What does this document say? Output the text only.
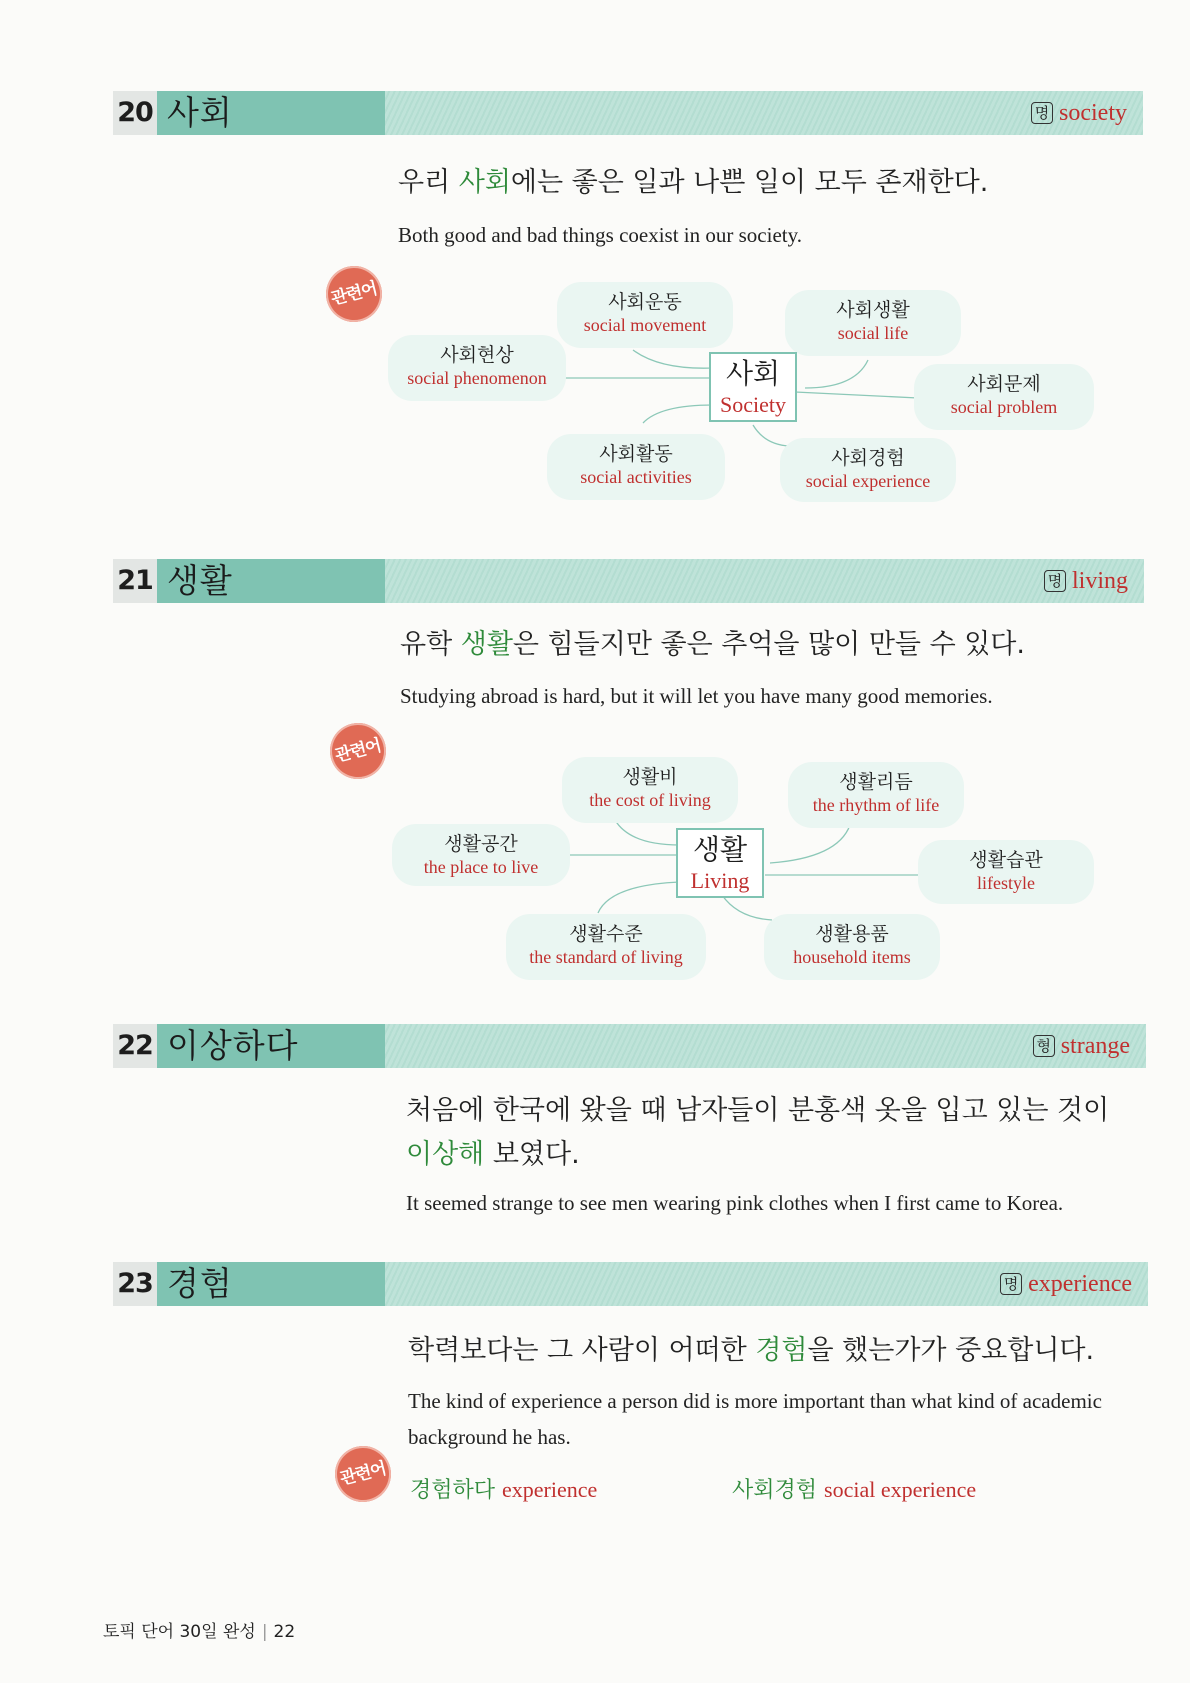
20 사회	명 society
우리 사회에는 좋은 일과 나쁜 일이 모두 존재한다.
Both good and bad things coexist in our society.
관련어	사회운동
social movement
사회생활
social life
사회현상
social phenomenon	사회문제
social problem
사회활동
social activities
사회경험
social experience
사회
Society
21 생활	명 living
유학 생활은 힘들지만 좋은 추억을 많이 만들 수 있다.
Studying abroad is hard, but it will let you have many good memories.
관련어
생활비
the cost of living
생활리듬
the rhythm of life
생활공간
the place to live	생활습관
lifestyle
생활수준
the standard of living
생활용품
household items
생활
Living
22 이상하다	형 strange
처음에 한국에 왔을 때 남자들이 분홍색 옷을 입고 있는 것이
이상해 보였다.
It seemed strange to see men wearing pink clothes when I first came to Korea.
23 경험	명 experience
학력보다는 그 사람이 어떠한 경험을 했는가가 중요합니다.
The kind of experience a person did is more important than what kind of academic
background he has.
관련어
경험하다 experience	사회경험 social experience
토픽 단어 30일 완성 | 22
